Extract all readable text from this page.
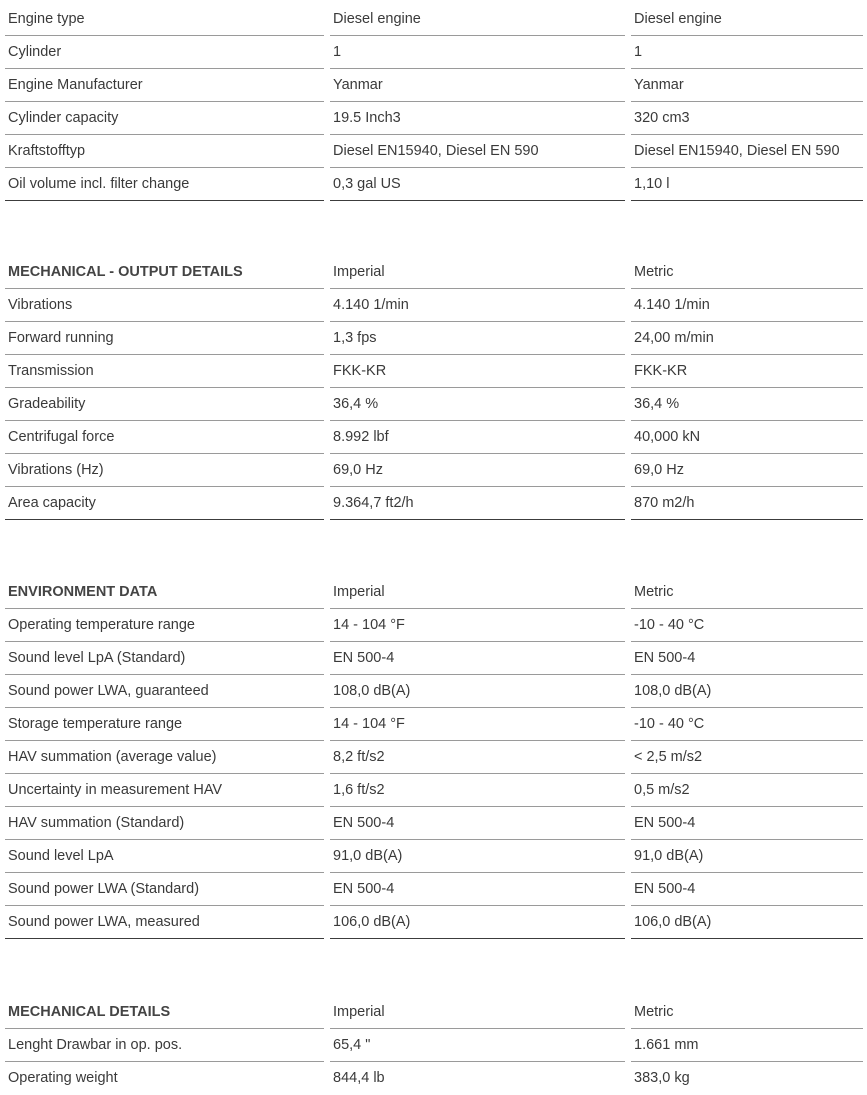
Engine type	Diesel engine	Diesel engine
Cylinder	1	1
Engine Manufacturer	Yanmar	Yanmar
Cylinder capacity	19.5 Inch3	320 cm3
Kraftstofftyp	Diesel EN15940, Diesel EN 590	Diesel EN15940, Diesel EN 590
Oil volume incl. filter change	0,3 gal US	1,10 l
MECHANICAL - OUTPUT DETAILS	Imperial	Metric
Vibrations	4.140 1/min	4.140 1/min
Forward running	1,3 fps	24,00 m/min
Transmission	FKK-KR	FKK-KR
Gradeability	36,4 %	36,4 %
Centrifugal force	8.992 lbf	40,000 kN
Vibrations (Hz)	69,0 Hz	69,0 Hz
Area capacity	9.364,7 ft2/h	870 m2/h
ENVIRONMENT DATA	Imperial	Metric
Operating temperature range	14 - 104 °F	-10 - 40 °C
Sound level LpA (Standard)	EN 500-4	EN 500-4
Sound power LWA, guaranteed	108,0 dB(A)	108,0 dB(A)
Storage temperature range	14 - 104 °F	-10 - 40 °C
HAV summation (average value)	8,2 ft/s2	< 2,5 m/s2
Uncertainty in measurement HAV	1,6 ft/s2	0,5 m/s2
HAV summation (Standard)	EN 500-4	EN 500-4
Sound level LpA	91,0 dB(A)	91,0 dB(A)
Sound power LWA (Standard)	EN 500-4	EN 500-4
Sound power LWA, measured	106,0 dB(A)	106,0 dB(A)
MECHANICAL DETAILS	Imperial	Metric
Lenght Drawbar in op. pos.	65,4 "	1.661 mm
Operating weight	844,4 lb	383,0 kg
